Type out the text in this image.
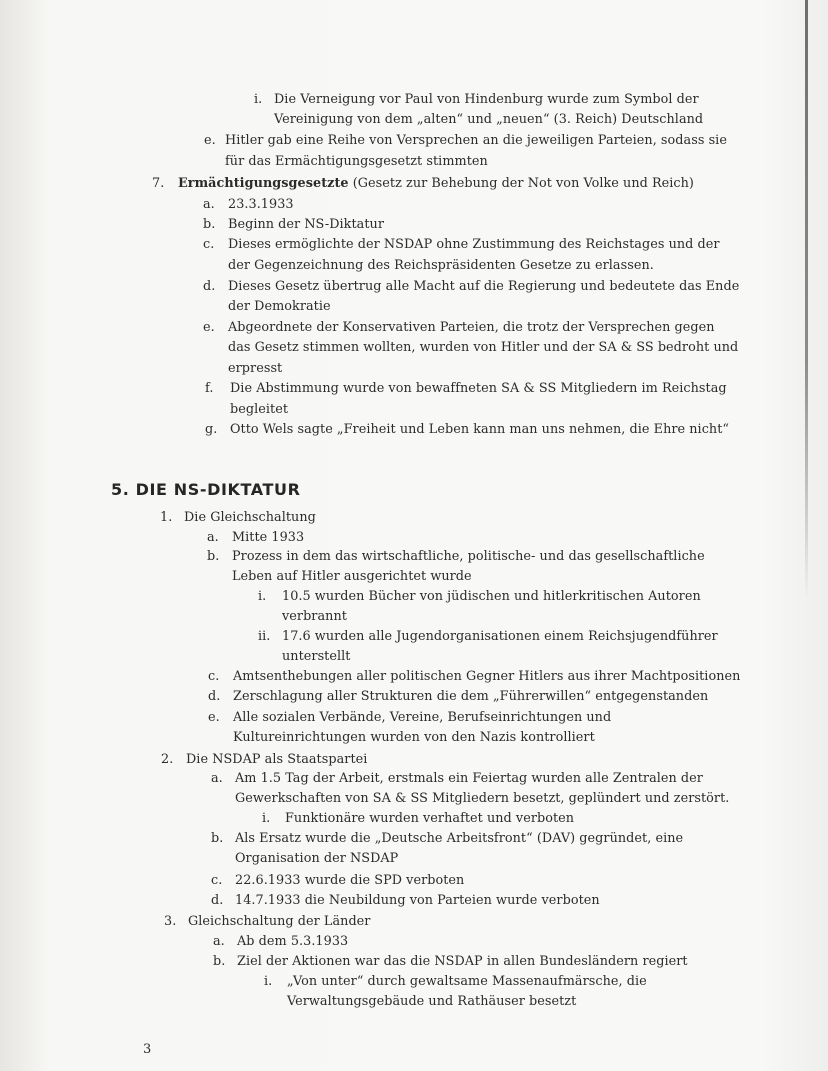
i. Die Verneigung vor Paul von Hindenburg wurde zum Symbol der
Vereinigung von dem „alten“ und „neuen“ (3. Reich) Deutschland
e. Hitler gab eine Reihe von Versprechen an die jeweiligen Parteien, sodass sie
für das Ermächtigungsgesetzt stimmten
7. Ermächtigungsgesetzte (Gesetz zur Behebung der Not von Volke und Reich)
a. 23.3.1933
b. Beginn der NS-Diktatur
c. Dieses ermöglichte der NSDAP ohne Zustimmung des Reichstages und der
der Gegenzeichnung des Reichspräsidenten Gesetze zu erlassen.
d. Dieses Gesetz übertrug alle Macht auf die Regierung und bedeutete das Ende
der Demokratie
e. Abgeordnete der Konservativen Parteien, die trotz der Versprechen gegen
das Gesetz stimmen wollten, wurden von Hitler und der SA & SS bedroht und
erpresst
f. Die Abstimmung wurde von bewaffneten SA & SS Mitgliedern im Reichstag
begleitet
g. Otto Wels sagte „Freiheit und Leben kann man uns nehmen, die Ehre nicht“
5. DIE NS-DIKTATUR
1. Die Gleichschaltung
a. Mitte 1933
b. Prozess in dem das wirtschaftliche, politische- und das gesellschaftliche
Leben auf Hitler ausgerichtet wurde
i. 10.5 wurden Bücher von jüdischen und hitlerkritischen Autoren
verbrannt
ii. 17.6 wurden alle Jugendorganisationen einem Reichsjugendführer
unterstellt
c. Amtsenthebungen aller politischen Gegner Hitlers aus ihrer Machtpositionen
d. Zerschlagung aller Strukturen die dem „Führerwillen“ entgegenstanden
e. Alle sozialen Verbände, Vereine, Berufseinrichtungen und
Kultureinrichtungen wurden von den Nazis kontrolliert
2. Die NSDAP als Staatspartei
a. Am 1.5 Tag der Arbeit, erstmals ein Feiertag wurden alle Zentralen der
Gewerkschaften von SA & SS Mitgliedern besetzt, geplündert und zerstört.
i. Funktionäre wurden verhaftet und verboten
b. Als Ersatz wurde die „Deutsche Arbeitsfront“ (DAV) gegründet, eine
Organisation der NSDAP
c. 22.6.1933 wurde die SPD verboten
d. 14.7.1933 die Neubildung von Parteien wurde verboten
3. Gleichschaltung der Länder
a. Ab dem 5.3.1933
b. Ziel der Aktionen war das die NSDAP in allen Bundesländern regiert
i. „Von unter“ durch gewaltsame Massenaufmärsche, die
Verwaltungsgebäude und Rathäuser besetzt
3
